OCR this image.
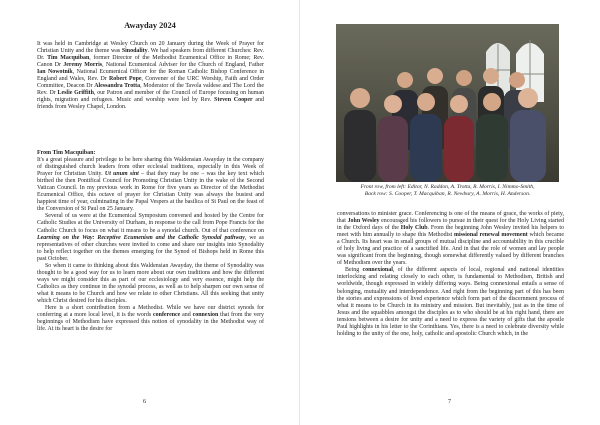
Awayday 2024

It was held in Cambridge at Wesley Church on 20 January during the Week of Prayer for Christian Unity and the theme was Sinodality. We had speakers from different Churches: Rev. Dr. Tim Macquiban, former Director of the Methodist Ecumenical Office in Rome; Rev. Canon Dr Jeremy Morris, National Ecumenical Adviser for the Church of England, Father Ian Nowotnik, National Ecumenical Officer for the Roman Catholic Bishop Conference in England and Wales, Rev. Dr Robert Pope, Convener of the URC Worship, Faith and Order Committee, Deacon Dr Alessandra Trotta, Moderator of the Tavola valdese and The Lord the Rev. Dr Leslie Griffith, our Patron and member of the Council of Europe focusing on human rights, migration and refugees. Music and worship were led by Rev. Steven Cooper and friends from Wesley Chapel, London.

From Tim Macquiban:

It's a great pleasure and privilege to be here sharing this Waldensian Awayday in the company of distinguished church leaders from other ecclesial traditions, especially in this Week of Prayer for Christian Unity. Ut unum sint – that they may be one – was the key text which birthed the then Pontifical Council for Promoting Christian Unity in the wake of the Second Vatican Council. In my previous work in Rome for five years as Director of the Methodist Ecumenical Office, this octave of prayer for Christian Unity was always the busiest and happiest time of year, culminating in the Papal Vespers at the basilica of St Paul on the feast of the Conversion of St Paul on 25 January.

Several of us were at the Ecumenical Symposium convened and hosted by the Centre for Catholic Studies at the University of Durham, in response to the call from Pope Francis for the Catholic Church to focus on what it means to be a synodal church. Out of that conference on Learning on the Way: Receptive Ecumenism and the Catholic Synodal pathway, we as representatives of other churches were invited to come and share our insights into Synodality to help reflect together on the themes emerging for the Synod of Bishops held in Rome this past October.

So when it came to thinking about this Waldensian Awayday, the theme of Synodality was thought to be a good way for us to learn more about our own traditions and how the different ways we might consider this as part of our ecclesiology and very essence, might help the Catholics as they continue in the synodal process, as well as to help sharpen our own sense of what it means to be Church and how we relate to other Christians. All this seeking that unity which Christ desired for his disciples.

Here is a short contribution from a Methodist. While we have our district synods for conferring at a more local level, it is the words conference and connexion that from the very beginnings of Methodism have expressed this notion of synodality in the Methodist way of life. At its heart is the desire for

6

Front row, from left: Editor, N. Raddon, A. Trotta, R. Morris, I. Nimmo-Smith,
Back row: S. Cooper, T. Macquiban, R. Newbury, A. Morris, H. Anderson.

conversations to minister grace. Conferencing is one of the means of grace, the works of piety, that John Wesley encouraged his followers to pursue in their quest for the Holy Living started in the Oxford days of the Holy Club. From the beginning John Wesley invited his helpers to meet with him annually to shape this Methodist missional renewal movement which became a Church. Its heart was in small groups of mutual discipline and accountability in this crucible of holy living and practice of a sanctified life. And in that the role of women and lay people was significant from the beginning, though somewhat differently valued by different branches of Methodism over the years.

Being connexional, of the different aspects of local, regional and national identities interlocking and relating closely to each other, is fundamental to Methodism, British and worldwide, though expressed in widely differing ways. Being connexional entails a sense of belonging, mutuality and interdependence. And right from the beginning part of this has been the stories and expressions of lived experience which form part of the discernment process of what it means to be Church in its ministry and mission. But inevitably, just as in the time of Jesus and the squabbles amongst the disciples as to who should be at his right hand, there are tensions between a desire for unity and a need to express the variety of gifts that the apostle Paul highlights in his letter to the Corinthians. Yes, there is a need to celebrate diversity while holding to the unity of the one, holy, catholic and apostolic Church which, in the

7
